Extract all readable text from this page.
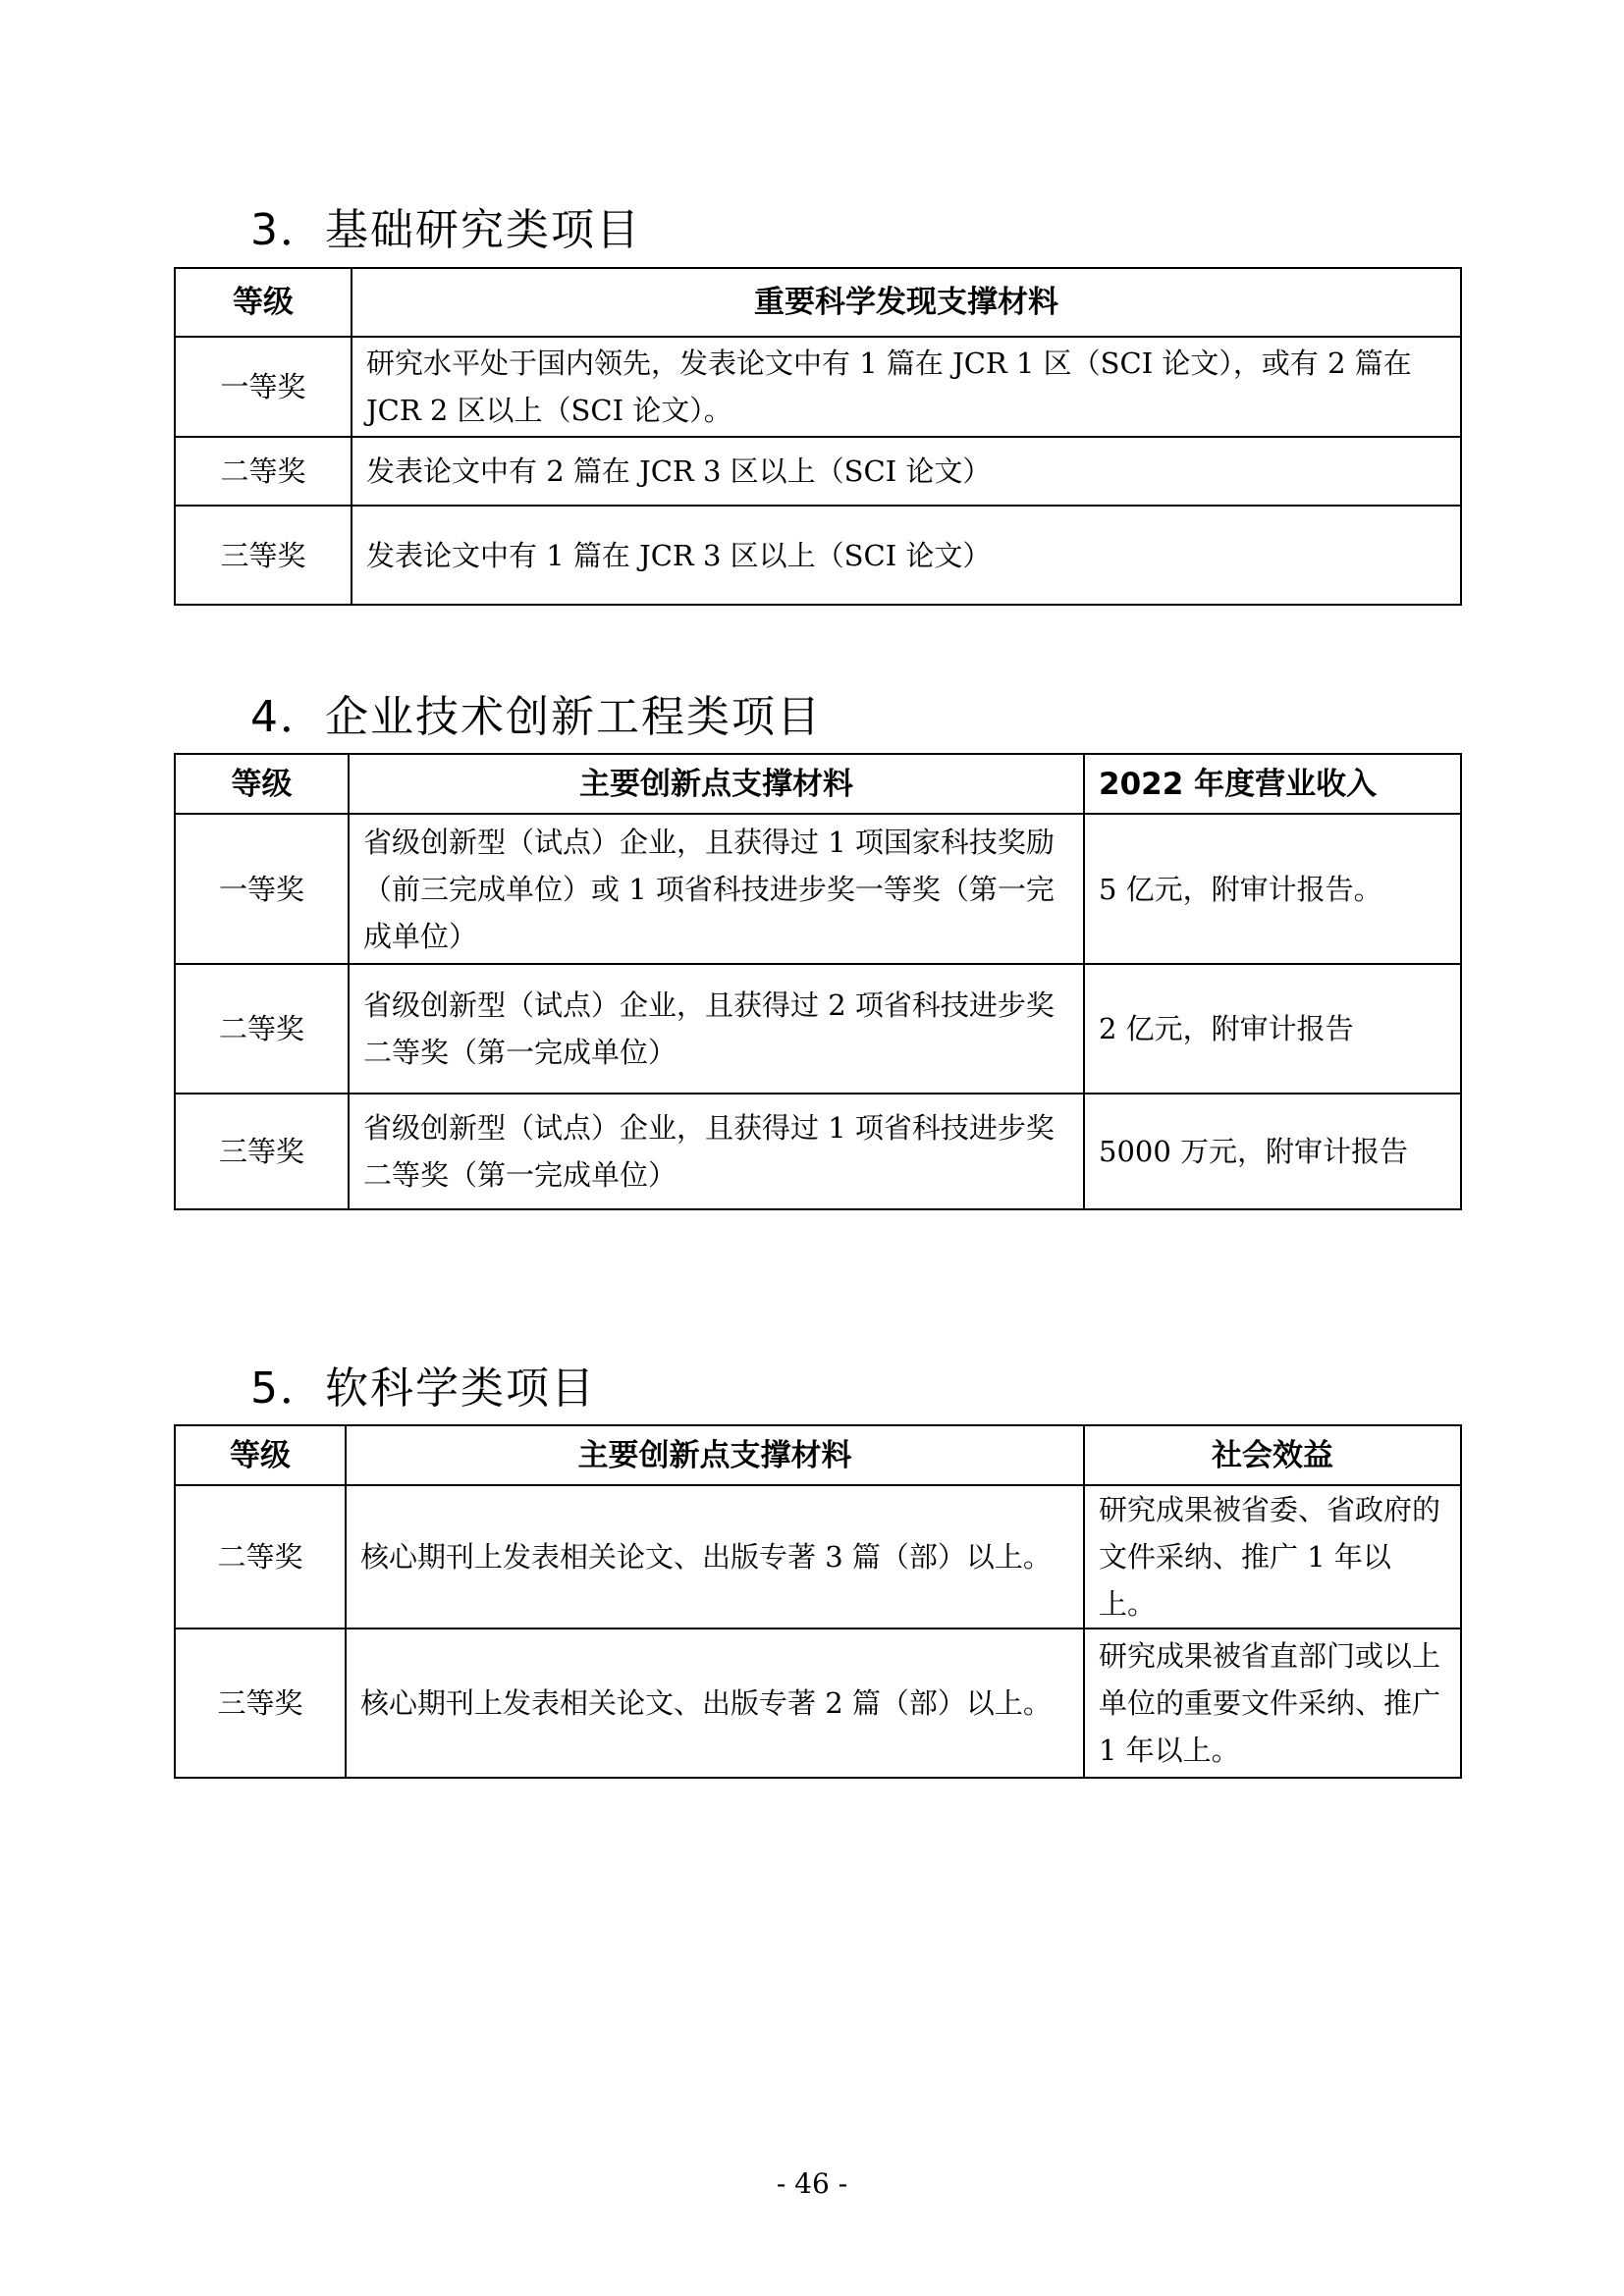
3．基础研究类项目
等级	重要科学发现支撑材料
一等奖	研究水平处于国内领先，发表论文中有 1 篇在 JCR 1 区（SCI 论文），或有 2 篇在 JCR 2 区以上（SCI 论文）。
二等奖	发表论文中有 2 篇在 JCR 3 区以上（SCI 论文）
三等奖	发表论文中有 1 篇在 JCR 3 区以上（SCI 论文）
4．企业技术创新工程类项目
等级	主要创新点支撑材料	2022 年度营业收入
一等奖	省级创新型（试点）企业，且获得过 1 项国家科技奖励（前三完成单位）或 1 项省科技进步奖一等奖（第一完成单位）	5 亿元，附审计报告。
二等奖	省级创新型（试点）企业，且获得过 2 项省科技进步奖二等奖（第一完成单位）	2 亿元，附审计报告
三等奖	省级创新型（试点）企业，且获得过 1 项省科技进步奖二等奖（第一完成单位）	5000 万元，附审计报告
5．软科学类项目
等级	主要创新点支撑材料	社会效益
二等奖	核心期刊上发表相关论文、出版专著 3 篇（部）以上。	研究成果被省委、省政府的文件采纳、推广 1 年以上。
三等奖	核心期刊上发表相关论文、出版专著 2 篇（部）以上。	研究成果被省直部门或以上单位的重要文件采纳、推广 1 年以上。
- 46 -
